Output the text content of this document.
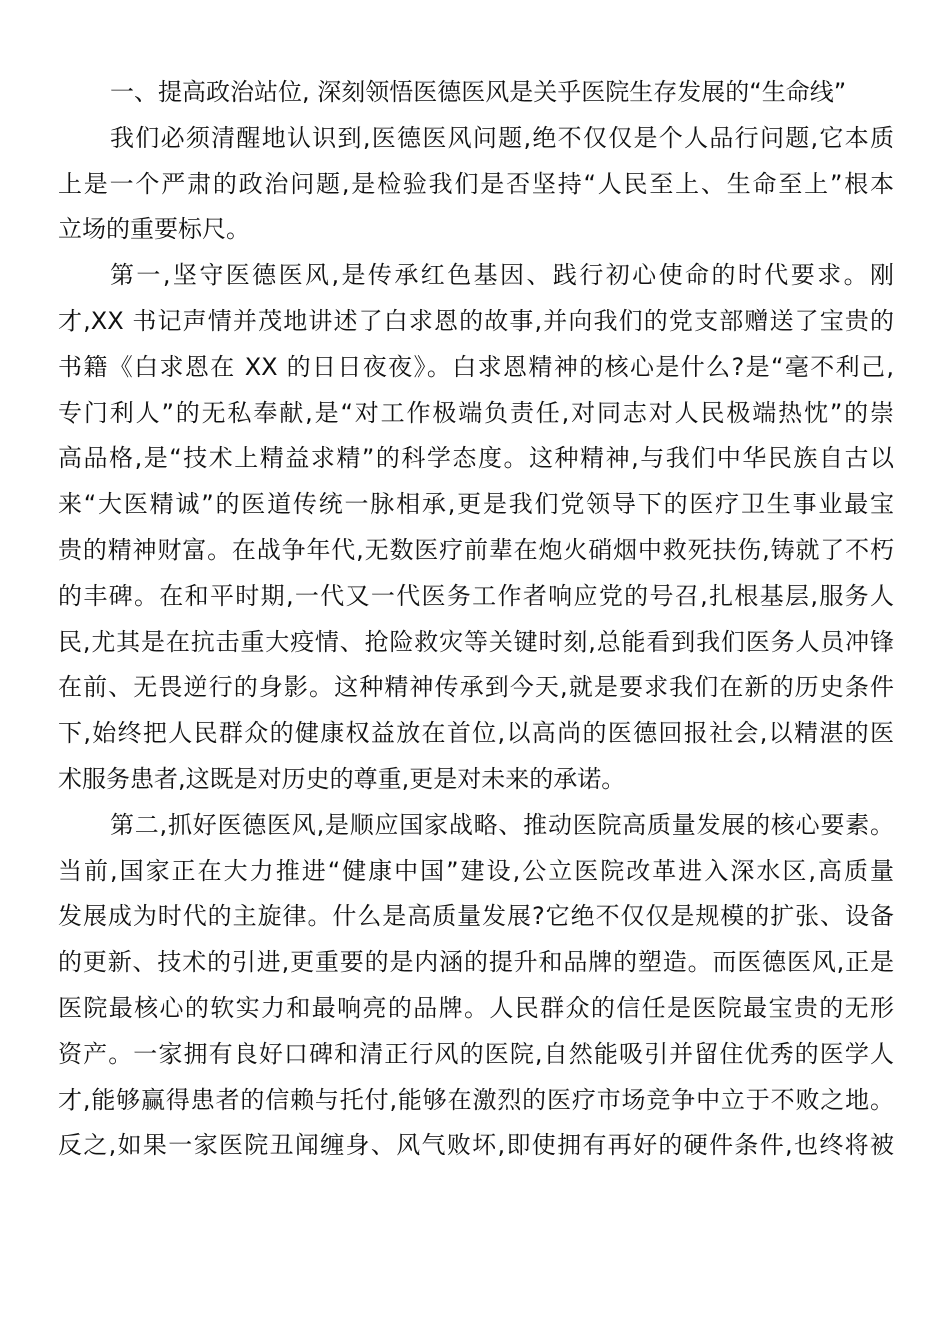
一、提高政治站位, 深刻领悟医德医风是关乎医院生存发展的“生命线”
我们必须清醒地认识到,医德医风问题,绝不仅仅是个人品行问题,它本质
上是一个严肃的政治问题,是检验我们是否坚持“人民至上、生命至上”根本
立场的重要标尺。
第一,坚守医德医风,是传承红色基因、践行初心使命的时代要求。刚
才,XX 书记声情并茂地讲述了白求恩的故事,并向我们的党支部赠送了宝贵的
书籍《白求恩在 XX 的日日夜夜》。白求恩精神的核心是什么?是“毫不利己,
专门利人”的无私奉献,是“对工作极端负责任,对同志对人民极端热忱”的崇
高品格,是“技术上精益求精”的科学态度。这种精神,与我们中华民族自古以
来“大医精诚”的医道传统一脉相承,更是我们党领导下的医疗卫生事业最宝
贵的精神财富。在战争年代,无数医疗前辈在炮火硝烟中救死扶伤,铸就了不朽
的丰碑。在和平时期,一代又一代医务工作者响应党的号召,扎根基层,服务人
民,尤其是在抗击重大疫情、抢险救灾等关键时刻,总能看到我们医务人员冲锋
在前、无畏逆行的身影。这种精神传承到今天,就是要求我们在新的历史条件
下,始终把人民群众的健康权益放在首位,以高尚的医德回报社会,以精湛的医
术服务患者,这既是对历史的尊重,更是对未来的承诺。
第二,抓好医德医风,是顺应国家战略、推动医院高质量发展的核心要素。
当前,国家正在大力推进“健康中国”建设,公立医院改革进入深水区,高质量
发展成为时代的主旋律。什么是高质量发展?它绝不仅仅是规模的扩张、设备
的更新、技术的引进,更重要的是内涵的提升和品牌的塑造。而医德医风,正是
医院最核心的软实力和最响亮的品牌。人民群众的信任是医院最宝贵的无形
资产。一家拥有良好口碑和清正行风的医院,自然能吸引并留住优秀的医学人
才,能够赢得患者的信赖与托付,能够在激烈的医疗市场竞争中立于不败之地。
反之,如果一家医院丑闻缠身、风气败坏,即使拥有再好的硬件条件,也终将被
